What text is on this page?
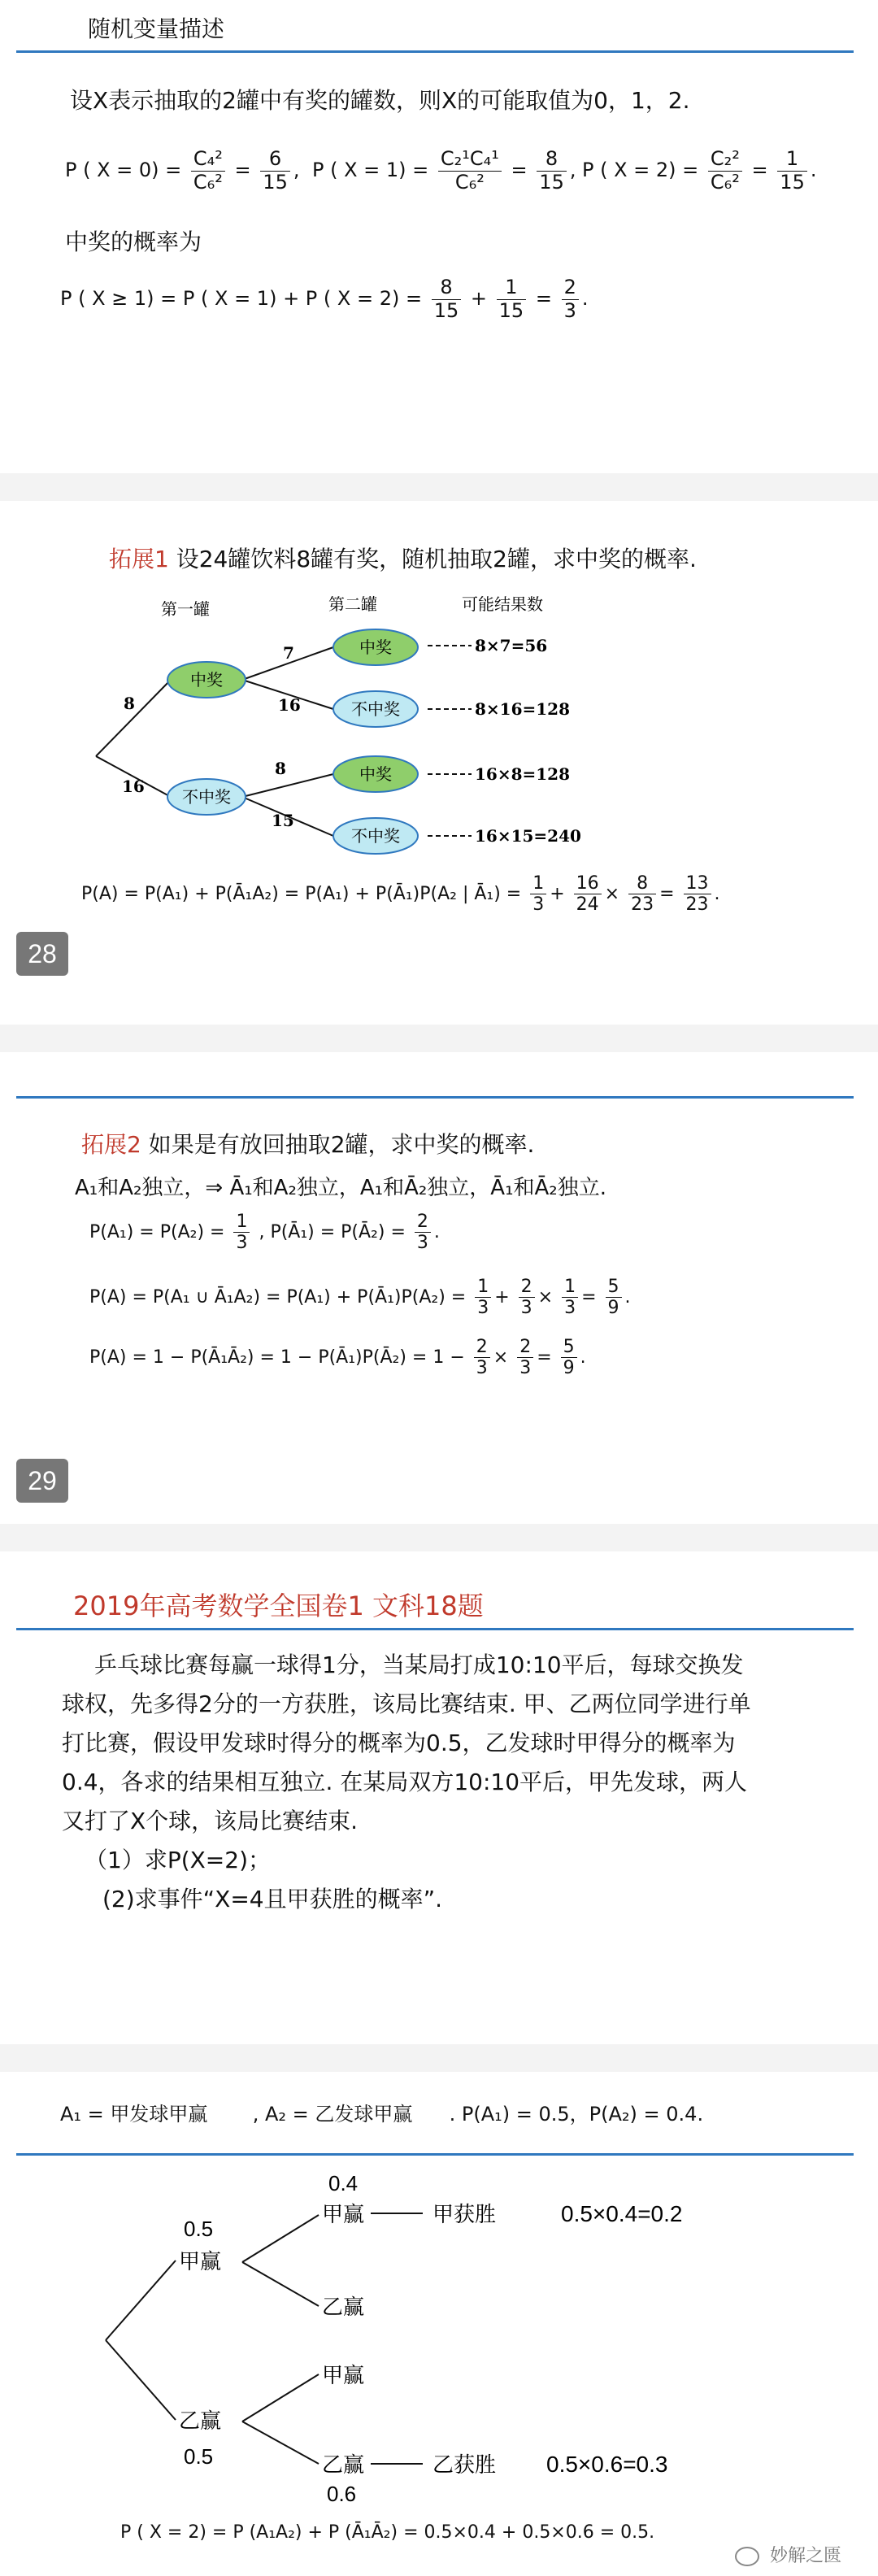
随机变量描述
设X表示抽取的2罐中有奖的罐数，则X的可能取值为0，1，2.
P ( $X = 0) = \frac{\text{C₄²}}{\text{C₆²}} = \frac{6}{15}$ , P ( $X = 1) = \frac{\text{C₂¹C₄¹}}{\text{C₆²}} = \frac{8}{15}$ , P ( $X = 2) = \frac{\text{C₂²}}{\text{C₆²}} = \frac{1}{15}$ .
中奖的概率为
P ( X ≥ 1) = P ( X = 1) + P ( $X = 2) = \frac{8}{15} + \frac{1}{15} = \frac{2}{3}$ .
拓展1 设24罐饮料8罐有奖，随机抽取2罐，求中奖的概率.
第一罐	第二罐	可能结果数
8
16
7
16
8
15
中奖
不中奖
中奖
不中奖
中奖
不中奖
8×7=56
8×16=128
16×8=128
16×15=240
P(A) = P(A₁) + P(Ā₁A₂) = P(A₁) + P(Ā₁)P(A₂ | Ā₁) = $\frac{1}{3} + \frac{16}{24} \times \frac{8}{23} = \frac{13}{23}$ .
28
拓展2 如果是有放回抽取2罐，求中奖的概率.
A₁和A₂独立，⇒ Ā₁和A₂独立，A₁和Ā₂独立，Ā₁和Ā₂独立.
$P(A_1) = P(A_2) = \frac{1}{3}$ , P(Ā₁) = P(Ā₂) = $\frac{2}{3}$ .
P(A) = P(A₁ ∪ Ā₁A₂) = P(A₁) + P(Ā₁)P(A₂) = $\frac{1}{3} + \frac{2}{3} \times \frac{1}{3} = \frac{5}{9}$ .
P(A) = 1 − P(Ā₁Ā₂) = 1 − P(Ā₁)P(Ā₂) = $1 - \frac{2}{3} \times \frac{2}{3} = \frac{5}{9}$ .
29
2019年高考数学全国卷1 文科18题
乒乓球比赛每赢一球得1分，当某局打成10:10平后，每球交换发
球权，先多得2分的一方获胜，该局比赛结束. 甲、乙两位同学进行单
打比赛，假设甲发球时得分的概率为0.5，乙发球时甲得分的概率为
0.4，各求的结果相互独立. 在某局双方10:10平后，甲先发球，两人
又打了X个球，该局比赛结束.
（1）求P(X=2)；
(2)求事件“X=4且甲获胜的概率”.
A₁ = 甲发球甲赢 , A₂ = 乙发球甲赢 . P(A₁) = 0.5，P(A₂) = 0.4.
0.5
甲赢
乙赢
0.5
0.4
甲赢
乙赢
甲赢
乙赢
0.6
甲获胜
乙获胜
0.5×0.4=0.2
0.5×0.6=0.3
P ( X = 2) = P (A₁A₂) + P (Ā₁Ā₂) = 0.5×0.4 + 0.5×0.6 = 0.5.
妙解之匮
